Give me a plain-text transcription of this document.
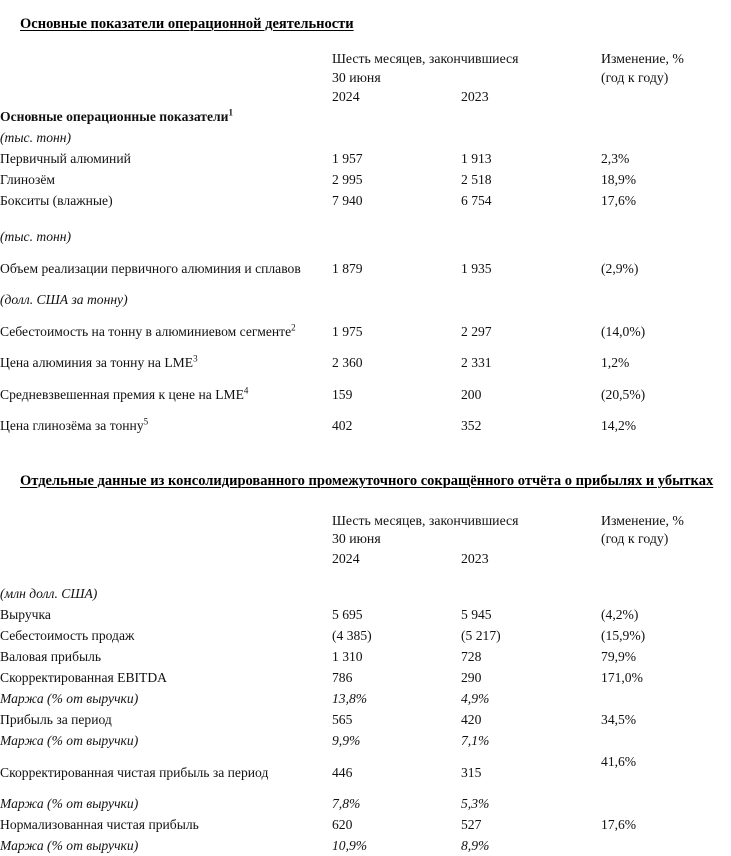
Основные показатели операционной деятельности

Шесть месяцев, закончившиеся
30 июня

Изменение, %
(год к году)

	2024	2023	
Основные операционные показатели$^1$			
(тыс. тонн)			
Первичный алюминий	1 957	1 913	2,3%
Глинозём	2 995	2 518	18,9%
Бокситы (влажные)	7 940	6 754	17,6%

(тыс. тонн)			
Объем реализации первичного алюминия и сплавов	1 879	1 935	(2,9%)
(долл. США за тонну)			
Себестоимость на тонну в алюминиевом сегменте$^2$	1 975	2 297	(14,0%)
Цена алюминия за тонну на LME$^3$	2 360	2 331	1,2%
Средневзвешенная премия к цене на LME$^4$	159	200	(20,5%)
Цена глинозёма за тонну$^5$	402	352	14,2%
Отдельные данные из консолидированного промежуточного сокращённого отчёта о прибылях и убытках

Шесть месяцев, закончившиеся
30 июня

Изменение, %
(год к году)

	2024	2023	

(млн долл. США)			
Выручка	5 695	5 945	(4,2%)
Себестоимость продаж	(4 385)	(5 217)	(15,9%)
Валовая прибыль	1 310	728	79,9%
Скорректированная EBITDA	786	290	171,0%
Маржа (% от выручки)	13,8%	4,9%	
Прибыль за период	565	420	34,5%
Маржа (% от выручки)	9,9%	7,1%	
Скорректированная чистая прибыль за период	446	315	41,6%
Маржа (% от выручки)	7,8%	5,3%	
Нормализованная чистая прибыль	620	527	17,6%
Маржа (% от выручки)	10,9%	8,9%	
